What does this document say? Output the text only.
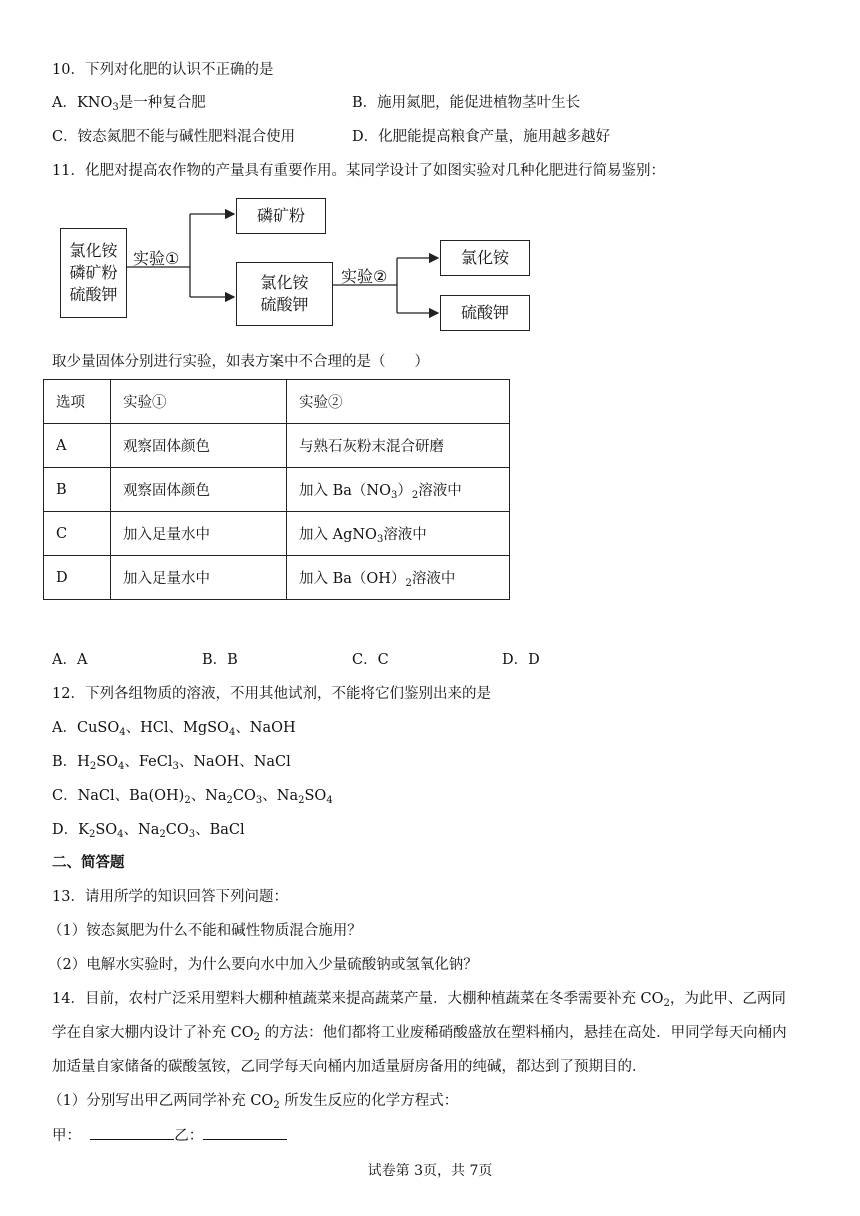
10．下列对化肥的认识不正确的是
A．$KNO_3$是一种复合肥	B．施用氮肥，能促进植物茎叶生长
C．铵态氮肥不能与碱性肥料混合使用	D．化肥能提高粮食产量，施用越多越好
11．化肥对提高农作物的产量具有重要作用。某同学设计了如图实验对几种化肥进行简易鉴别：
氯化铵
磷矿粉
硫酸钾
实验①
磷矿粉
氯化铵
硫酸钾
实验②
氯化铵
硫酸钾
取少量固体分别进行实验，如表方案中不合理的是（　　）
选项	实验①	实验②
A	观察固体颜色	与熟石灰粉末混合研磨
B	观察固体颜色	加入 $Ba(NO_3)_2$溶液中
C	加入足量水中	加入 AgNO$_3$溶液中
D	加入足量水中	加入 $Ba(OH)_2$溶液中
A．A	B．B	C．C	D．D
12．下列各组物质的溶液，不用其他试剂，不能将它们鉴别出来的是
A．CuSO$_4$、HCl、MgSO$_4$、NaOH
B．$H_2SO_4$、FeCl$_3$、NaOH、NaCl
C．NaCl、$Ba(OH)_2$、$Na_2CO_3$、$Na_2SO_4$
D．$K_2SO_4$、$Na_2CO_3$、BaCl
二、简答题
13．请用所学的知识回答下列问题：
（1）铵态氮肥为什么不能和碱性物质混合施用？
（2）电解水实验时，为什么要向水中加入少量硫酸钠或氢氧化钠？
14．目前，农村广泛采用塑料大棚种植蔬菜来提高蔬菜产量．大棚种植蔬菜在冬季需要补充 $CO_2$，为此甲、乙两同
学在自家大棚内设计了补充 $CO_2$ 的方法：他们都将工业废稀硝酸盛放在塑料桶内，悬挂在高处．甲同学每天向桶内
加适量自家储备的碳酸氢铵，乙同学每天向桶内加适量厨房备用的纯碱，都达到了预期目的．
（1）分别写出甲乙两同学补充 $CO_2$ 所发生反应的化学方程式：
甲：	乙：
试卷第 3页，共 7页
